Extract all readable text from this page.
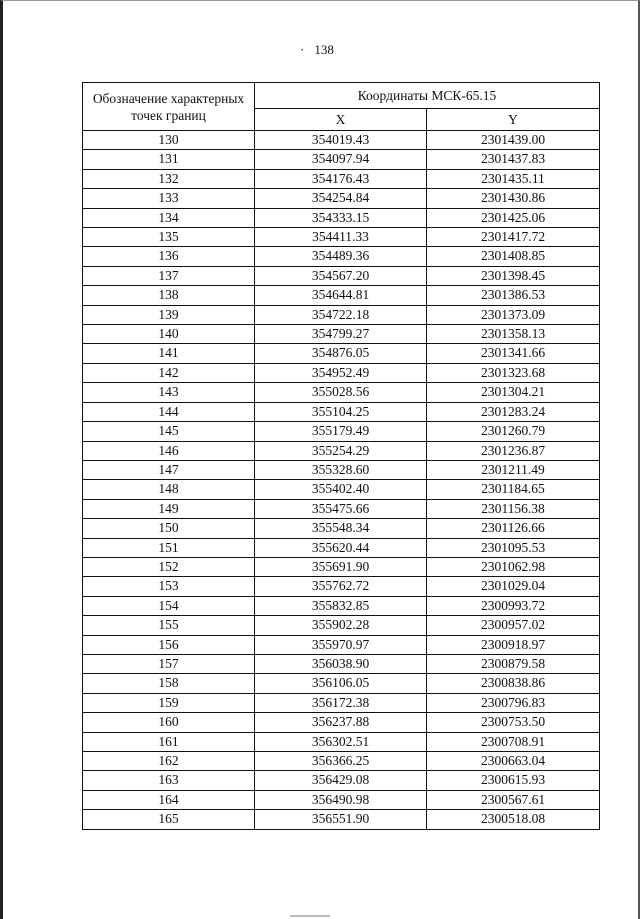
· 138
Обозначение характерных точек границ	Координаты МСК-65.15	
	X	Y
130	354019.43	2301439.00
131	354097.94	2301437.83
132	354176.43	2301435.11
133	354254.84	2301430.86
134	354333.15	2301425.06
135	354411.33	2301417.72
136	354489.36	2301408.85
137	354567.20	2301398.45
138	354644.81	2301386.53
139	354722.18	2301373.09
140	354799.27	2301358.13
141	354876.05	2301341.66
142	354952.49	2301323.68
143	355028.56	2301304.21
144	355104.25	2301283.24
145	355179.49	2301260.79
146	355254.29	2301236.87
147	355328.60	2301211.49
148	355402.40	2301184.65
149	355475.66	2301156.38
150	355548.34	2301126.66
151	355620.44	2301095.53
152	355691.90	2301062.98
153	355762.72	2301029.04
154	355832.85	2300993.72
155	355902.28	2300957.02
156	355970.97	2300918.97
157	356038.90	2300879.58
158	356106.05	2300838.86
159	356172.38	2300796.83
160	356237.88	2300753.50
161	356302.51	2300708.91
162	356366.25	2300663.04
163	356429.08	2300615.93
164	356490.98	2300567.61
165	356551.90	2300518.08
